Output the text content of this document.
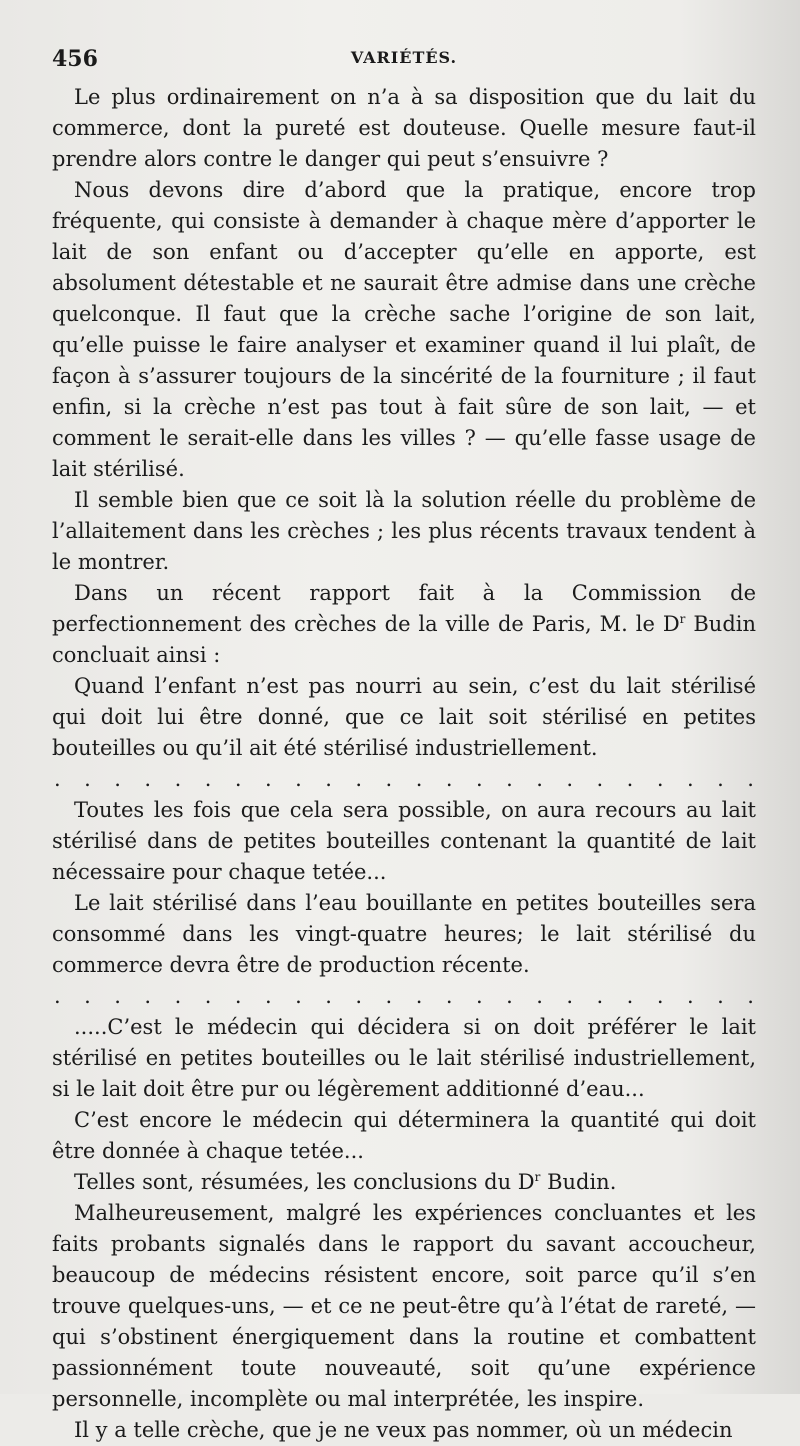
456	VARIÉTÉS.

Le plus ordinairement on n’a à sa disposition que du lait du commerce, dont la pureté est douteuse. Quelle mesure faut-il prendre alors contre le danger qui peut s’ensuivre ?

Nous devons dire d’abord que la pratique, encore trop fréquente, qui consiste à demander à chaque mère d’apporter le lait de son enfant ou d’accepter qu’elle en apporte, est absolument détestable et ne saurait être admise dans une crèche quelconque. Il faut que la crèche sache l’origine de son lait, qu’elle puisse le faire analyser et examiner quand il lui plaît, de façon à s’assurer toujours de la sincérité de la fourniture ; il faut enfin, si la crèche n’est pas tout à fait sûre de son lait, — et comment le serait-elle dans les villes ? — qu’elle fasse usage de lait stérilisé.

Il semble bien que ce soit là la solution réelle du problème de l’allaitement dans les crèches ; les plus récents travaux tendent à le montrer.

Dans un récent rapport fait à la Commission de perfectionnement des crèches de la ville de Paris, M. le $D^r$ Budin concluait ainsi :

Quand l’enfant n’est pas nourri au sein, c’est du lait stérilisé qui doit lui être donné, que ce lait soit stérilisé en petites bouteilles ou qu’il ait été stérilisé industriellement.

. . . . . . . . . . . . . . . . . . . . . . . .

Toutes les fois que cela sera possible, on aura recours au lait stérilisé dans de petites bouteilles contenant la quantité de lait nécessaire pour chaque tetée...

Le lait stérilisé dans l’eau bouillante en petites bouteilles sera consommé dans les vingt-quatre heures; le lait stérilisé du commerce devra être de production récente.

. . . . . . . . . . . . . . . . . . . . . . . .

.....C’est le médecin qui décidera si on doit préférer le lait stérilisé en petites bouteilles ou le lait stérilisé industriellement, si le lait doit être pur ou légèrement additionné d’eau...

C’est encore le médecin qui déterminera la quantité qui doit être donnée à chaque tetée...

Telles sont, résumées, les conclusions du $D^r$ Budin.

Malheureusement, malgré les expériences concluantes et les faits probants signalés dans le rapport du savant accoucheur, beaucoup de médecins résistent encore, soit parce qu’il s’en trouve quelques-uns, — et ce ne peut-être qu’à l’état de rareté, — qui s’obstinent énergiquement dans la routine et combattent passionnément toute nouveauté, soit qu’une expérience personnelle, incomplète ou mal interprétée, les inspire.

Il y a telle crèche, que je ne veux pas nommer, où un médecin
